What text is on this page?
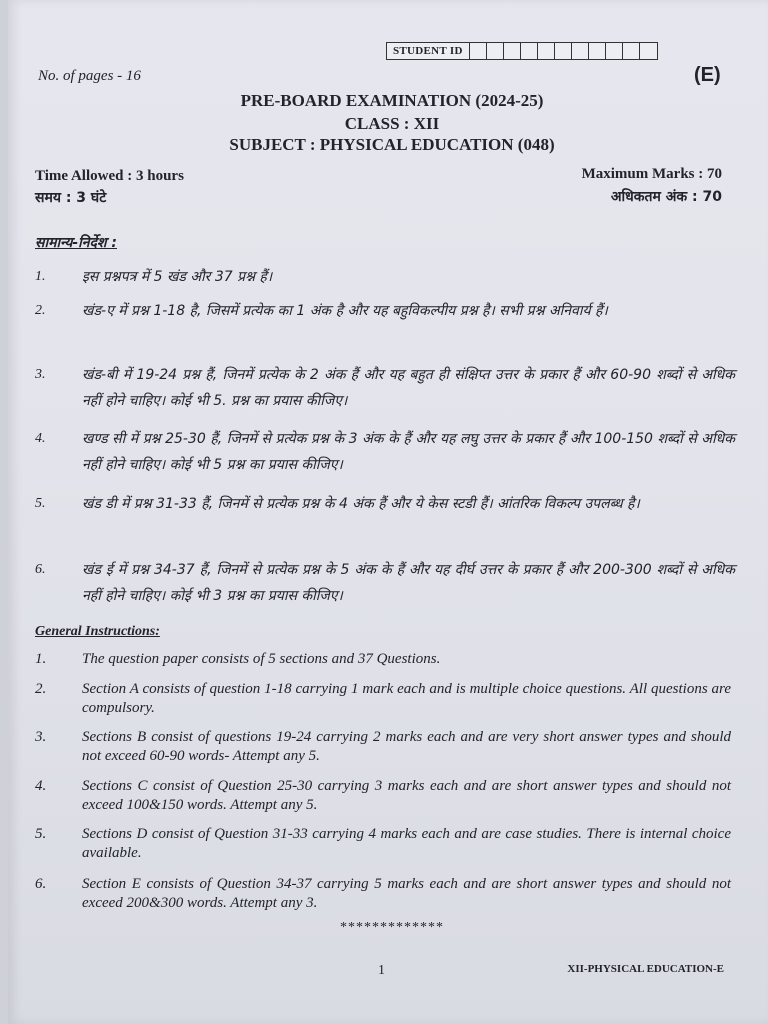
STUDENT ID
No. of pages - 16	(E)
PRE-BOARD EXAMINATION (2024-25)
CLASS : XII
SUBJECT : PHYSICAL EDUCATION (048)
Time Allowed : 3 hours
समय : 3 घंटे
Maximum Marks : 70
अधिकतम अंक : 70
सामान्य-निर्देश :
1.	इस प्रश्नपत्र में 5 खंड और 37 प्रश्न हैं।
2.	खंड-ए में प्रश्न 1-18 है, जिसमें प्रत्येक का 1 अंक है और यह बहुविकल्पीय प्रश्न है। सभी प्रश्न अनिवार्य हैं।
3.	खंड-बी में 19-24 प्रश्न हैं, जिनमें प्रत्येक के 2 अंक हैं और यह बहुत ही संक्षिप्त उत्तर के प्रकार हैं और 60-90 शब्दों से अधिक नहीं होने चाहिए। कोई भी 5. प्रश्न का प्रयास कीजिए।
4.	खण्ड सी में प्रश्न 25-30 हैं, जिनमें से प्रत्येक प्रश्न के 3 अंक के हैं और यह लघु उत्तर के प्रकार हैं और 100-150 शब्दों से अधिक नहीं होने चाहिए। कोई भी 5 प्रश्न का प्रयास कीजिए।
5.	खंड डी में प्रश्न 31-33 हैं, जिनमें से प्रत्येक प्रश्न के 4 अंक हैं और ये केस स्टडी हैं। आंतरिक विकल्प उपलब्ध है।
6.	खंड ई में प्रश्न 34-37 हैं, जिनमें से प्रत्येक प्रश्न के 5 अंक के हैं और यह दीर्घ उत्तर के प्रकार हैं और 200-300 शब्दों से अधिक नहीं होने चाहिए। कोई भी 3 प्रश्न का प्रयास कीजिए।
General Instructions:
1.	The question paper consists of 5 sections and 37 Questions.
2.	Section A consists of question 1-18 carrying 1 mark each and is multiple choice questions. All questions are compulsory.
3.	Sections B consist of questions 19-24 carrying 2 marks each and are very short answer types and should not exceed 60-90 words- Attempt any 5.
4.	Sections C consist of Question 25-30 carrying 3 marks each and are short answer types and should not exceed 100&150 words. Attempt any 5.
5.	Sections D consist of Question 31-33 carrying 4 marks each and are case studies. There is internal choice available.
6.	Section E consists of Question 34-37 carrying 5 marks each and are short answer types and should not exceed 200&300 words. Attempt any 3.
*************
1	XII-PHYSICAL EDUCATION-E
